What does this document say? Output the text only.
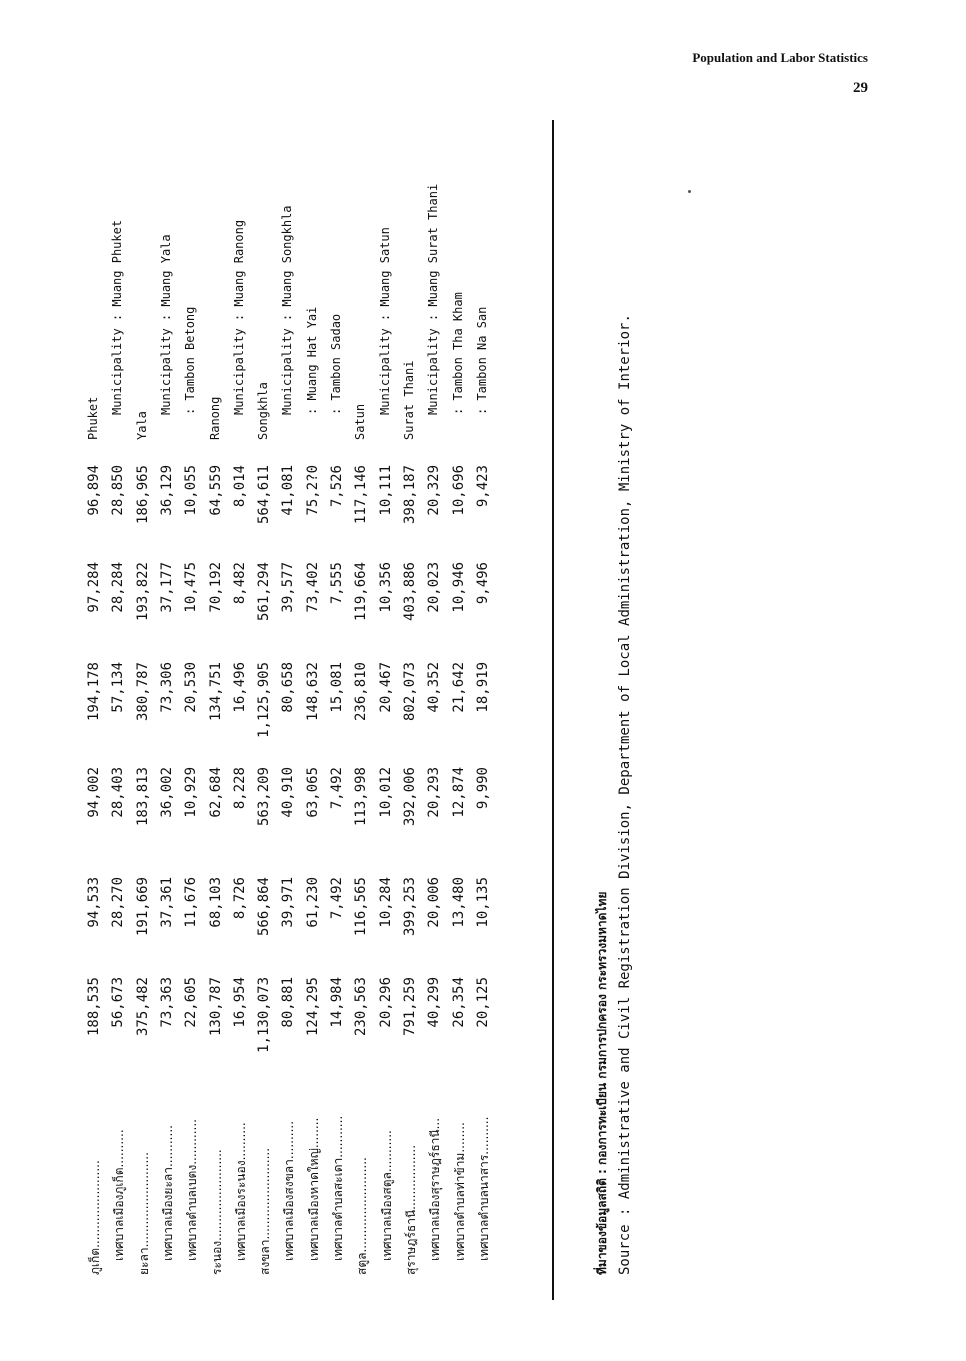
Population and Labor Statistics
29
ภูเก็ต.......................
188,535
94,533
94,002
194,178
97,284
96,894
Phuket
เทศบาลเมืองภูเก็ต..........
56,673
28,270
28,403
57,134
28,284
28,850
Municipality : Muang Phuket
ยะลา.........................
375,482
191,669
183,813
380,787
193,822
186,965
Yala
เทศบาลเมืองยะลา...........
73,363
37,361
36,002
73,306
37,177
36,129
Municipality : Muang Yala
เทศบาลตำบลเบตง............
22,605
11,676
10,929
20,530
10,475
10,055
: Tambon Betong
ระนอง........................
130,787
68,103
62,684
134,751
70,192
64,559
Ranong
เทศบาลเมืองระนอง..........
16,954
8,726
8,228
16,496
8,482
8,014
Municipality : Muang Ranong
สงขลา........................
1,130,073
566,864
563,209
1,125,905
561,294
564,611
Songkhla
เทศบาลเมืองสงขลา..........
80,881
39,971
40,910
80,658
39,577
41,081
Municipality : Muang Songkhla
เทศบาลเมืองหาดใหญ่........
124,295
61,230
63,065
148,632
73,402
75,2?0
: Muang Hat Yai
เทศบาลตำบลสะเดา...........
14,984
7,492
7,492
15,081
7,555
7,526
: Tambon Sadao
สตูล.........................
230,563
116,565
113,998
236,810
119,664
117,146
Satun
เทศบาลเมืองสตูล...........
20,296
10,284
10,012
20,467
10,356
10,111
Municipality : Muang Satun
สุราษฎร์ธานี.................
791,259
399,253
392,006
802,073
403,886
398,187
Surat Thani
เทศบาลเมืองสุราษฎร์ธานี...
40,299
20,006
20,293
40,352
20,023
20,329
Municipality : Muang Surat Thani
เทศบาลตำบลท่าข้าม........
26,354
13,480
12,874
21,642
10,946
10,696
: Tambon Tha Kham
เทศบาลตำบลนาสาร..........
20,125
10,135
9,990
18,919
9,496
9,423
: Tambon Na San
ที่มาของข้อมูลสถิติ : กองการทะเบียน กรมการปกครอง กระทรวงมหาดไทย Source : Administrative and Civil Registration Division, Department of Local Administration, Ministry of Interior.
